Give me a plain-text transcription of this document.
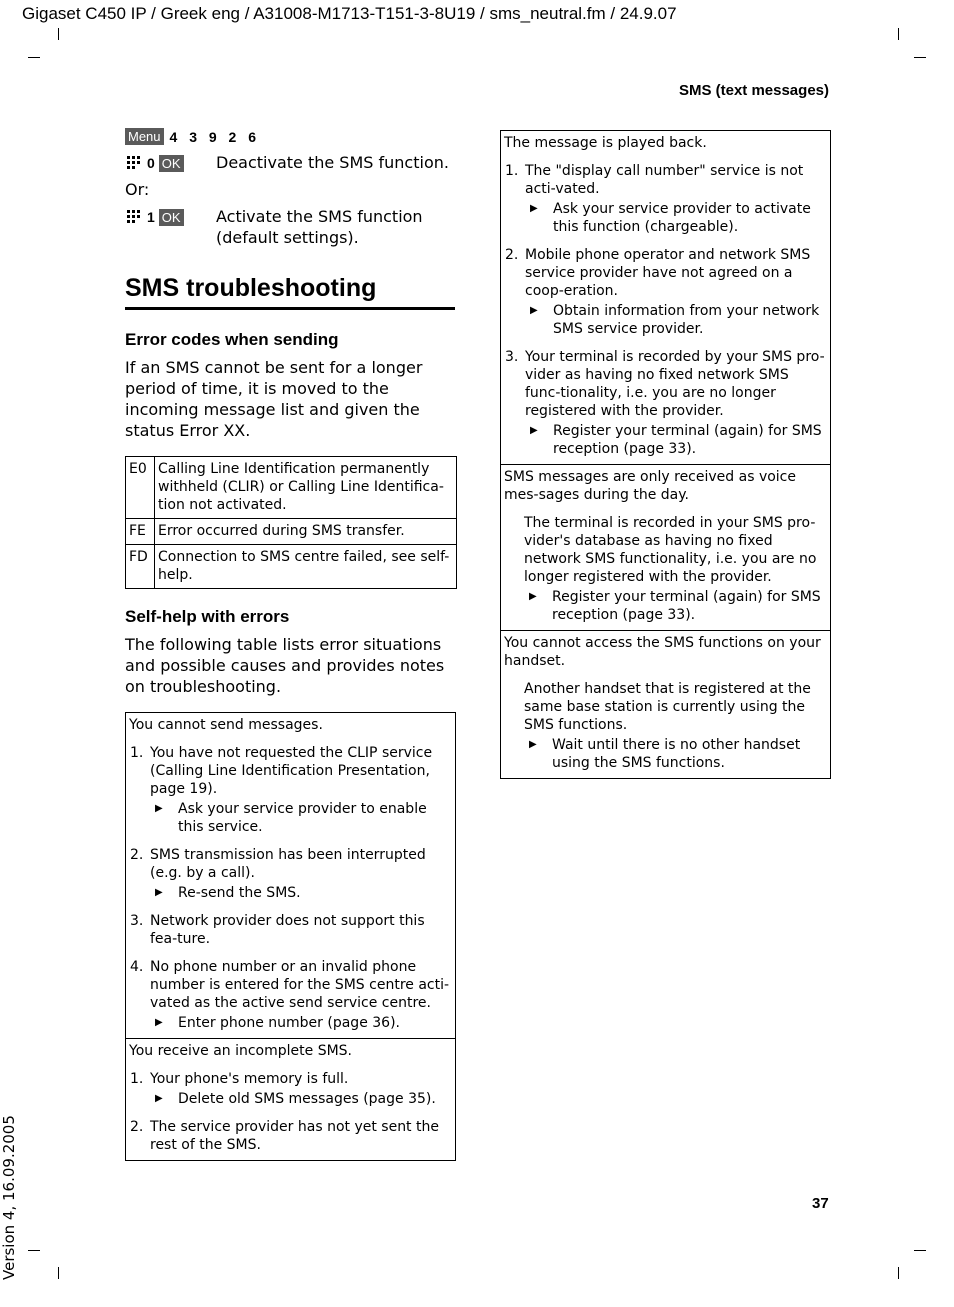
Gigaset C450 IP / Greek eng / A31008-M1713-T151-3-8U19 / sms_neutral.fm / 24.9.07
SMS (text messages)
37
Version 4, 16.09.2005
Menu 4 3 9 2 6
0 OK Deactivate the SMS function.
Or:
1 OK Activate the SMS function (default settings).
SMS troubleshooting
Error codes when sending
If an SMS cannot be sent for a longer period of time, it is moved to the incoming message list and given the status Error XX.
E0	Calling Line Identification permanently withheld (CLIR) or Calling Line Identifica-tion not activated.
FE	Error occurred during SMS transfer.
FD	Connection to SMS centre failed, see self-help.
Self-help with errors
The following table lists error situations and possible causes and provides notes on troubleshooting.
You cannot send messages.
1. You have not requested the CLIP service (Calling Line Identification Presentation, page 19).
▶	Ask your service provider to enable this service.
2. SMS transmission has been interrupted (e.g. by a call).
▶	Re-send the SMS.
3. Network provider does not support this fea-ture.
4. No phone number or an invalid phone number is entered for the SMS centre acti-vated as the active send service centre.
▶	Enter phone number (page 36).
You receive an incomplete SMS.
1. Your phone's memory is full.
▶	Delete old SMS messages (page 35).
2. The service provider has not yet sent the rest of the SMS.
The message is played back.
1. The "display call number" service is not acti-vated.
▶	Ask your service provider to activate this function (chargeable).
2. Mobile phone operator and network SMS service provider have not agreed on a coop-eration.
▶	Obtain information from your network SMS service provider.
3. Your terminal is recorded by your SMS pro-vider as having no fixed network SMS func-tionality, i.e. you are no longer registered with the provider.
▶	Register your terminal (again) for SMS reception (page 33).
SMS messages are only received as voice mes-sages during the day.
The terminal is recorded in your SMS pro-vider's database as having no fixed network SMS functionality, i.e. you are no longer registered with the provider.
▶	Register your terminal (again) for SMS reception (page 33).
You cannot access the SMS functions on your handset.
Another handset that is registered at the same base station is currently using the SMS functions.
▶	Wait until there is no other handset using the SMS functions.
